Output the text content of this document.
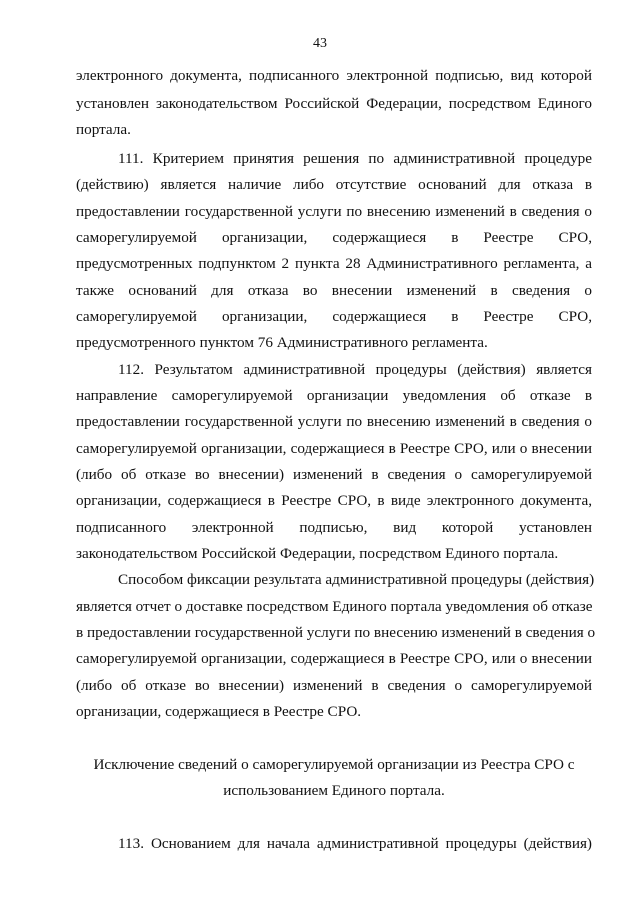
43
электронного документа, подписанного электронной подписью, вид которой
установлен законодательством Российской Федерации, посредством Единого
портала.
111. Критерием принятия решения по административной процедуре
(действию) является наличие либо отсутствие оснований для отказа в
предоставлении государственной услуги по внесению изменений в сведения о
саморегулируемой организации, содержащиеся в Реестре СРО,
предусмотренных подпунктом 2 пункта 28 Административного регламента, а
также оснований для отказа во внесении изменений в сведения о
саморегулируемой организации, содержащиеся в Реестре СРО,
предусмотренного пунктом 76 Административного регламента.
112. Результатом административной процедуры (действия) является
направление саморегулируемой организации уведомления об отказе в
предоставлении государственной услуги по внесению изменений в сведения о
саморегулируемой организации, содержащиеся в Реестре СРО, или о внесении
(либо об отказе во внесении) изменений в сведения о саморегулируемой
организации, содержащиеся в Реестре СРО, в виде электронного документа,
подписанного электронной подписью, вид которой установлен
законодательством Российской Федерации, посредством Единого портала.
Способом фиксации результата административной процедуры (действия)
является отчет о доставке посредством Единого портала уведомления об отказе
в предоставлении государственной услуги по внесению изменений в сведения о
саморегулируемой организации, содержащиеся в Реестре СРО, или о внесении
(либо об отказе во внесении) изменений в сведения о саморегулируемой
организации, содержащиеся в Реестре СРО.
Исключение сведений о саморегулируемой организации из Реестра СРО с
использованием Единого портала.
113. Основанием для начала административной процедуры (действия)
